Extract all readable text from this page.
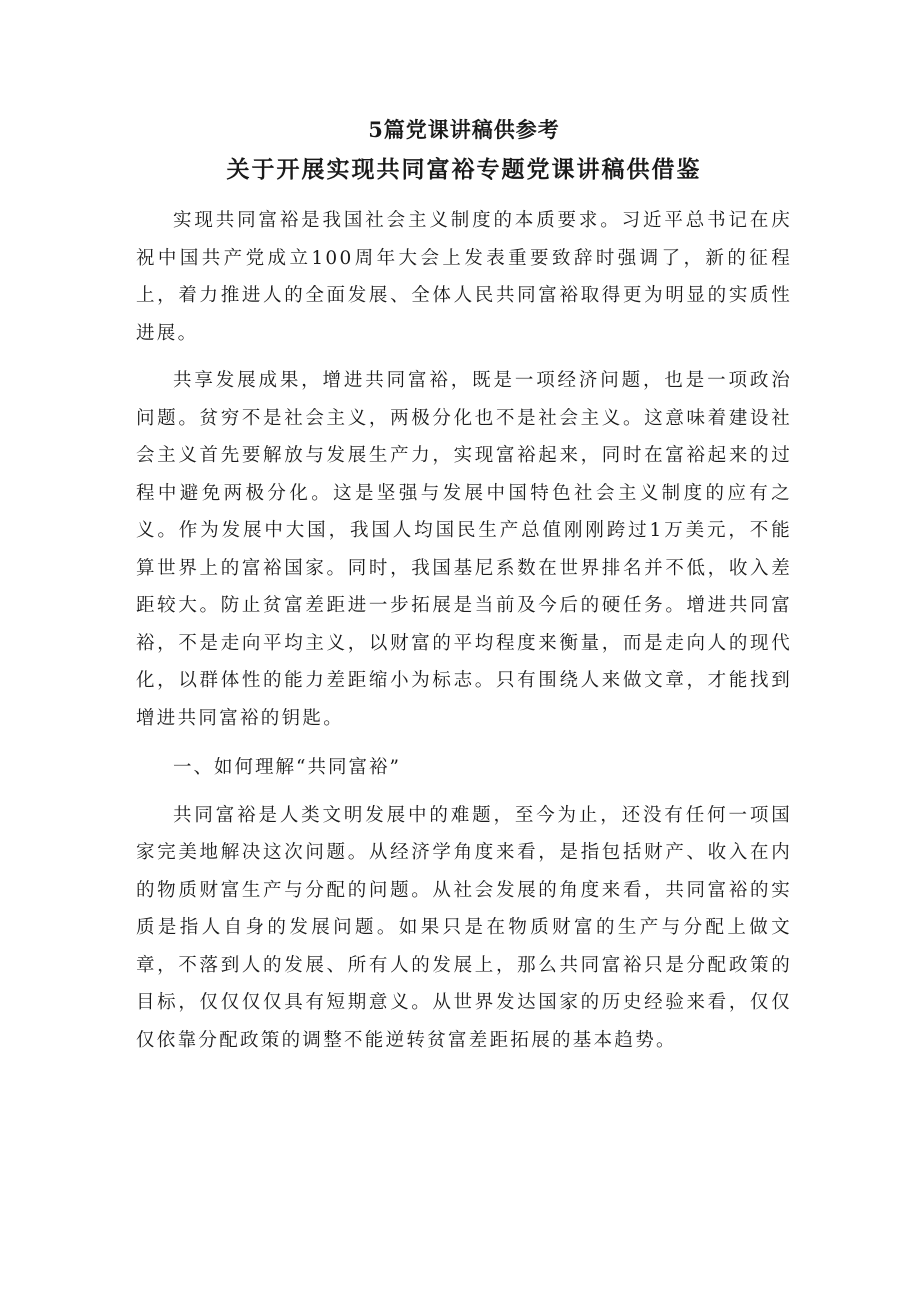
5篇党课讲稿供参考
关于开展实现共同富裕专题党课讲稿供借鉴

实现共同富裕是我国社会主义制度的本质要求。习近平总书记在庆祝中国共产党成立100周年大会上发表重要致辞时强调了，新的征程上，着力推进人的全面发展、全体人民共同富裕取得更为明显的实质性进展。

共享发展成果，增进共同富裕，既是一项经济问题，也是一项政治问题。贫穷不是社会主义，两极分化也不是社会主义。这意味着建设社会主义首先要解放与发展生产力，实现富裕起来，同时在富裕起来的过程中避免两极分化。这是坚强与发展中国特色社会主义制度的应有之义。作为发展中大国，我国人均国民生产总值刚刚跨过1万美元，不能算世界上的富裕国家。同时，我国基尼系数在世界排名并不低，收入差距较大。防止贫富差距进一步拓展是当前及今后的硬任务。增进共同富裕，不是走向平均主义，以财富的平均程度来衡量，而是走向人的现代化，以群体性的能力差距缩小为标志。只有围绕人来做文章，才能找到增进共同富裕的钥匙。

一、如何理解“共同富裕”

共同富裕是人类文明发展中的难题，至今为止，还没有任何一项国家完美地解决这次问题。从经济学角度来看，是指包括财产、收入在内的物质财富生产与分配的问题。从社会发展的角度来看，共同富裕的实质是指人自身的发展问题。如果只是在物质财富的生产与分配上做文章，不落到人的发展、所有人的发展上，那么共同富裕只是分配政策的目标，仅仅仅仅具有短期意义。从世界发达国家的历史经验来看，仅仅仅依靠分配政策的调整不能逆转贫富差距拓展的基本趋势。
